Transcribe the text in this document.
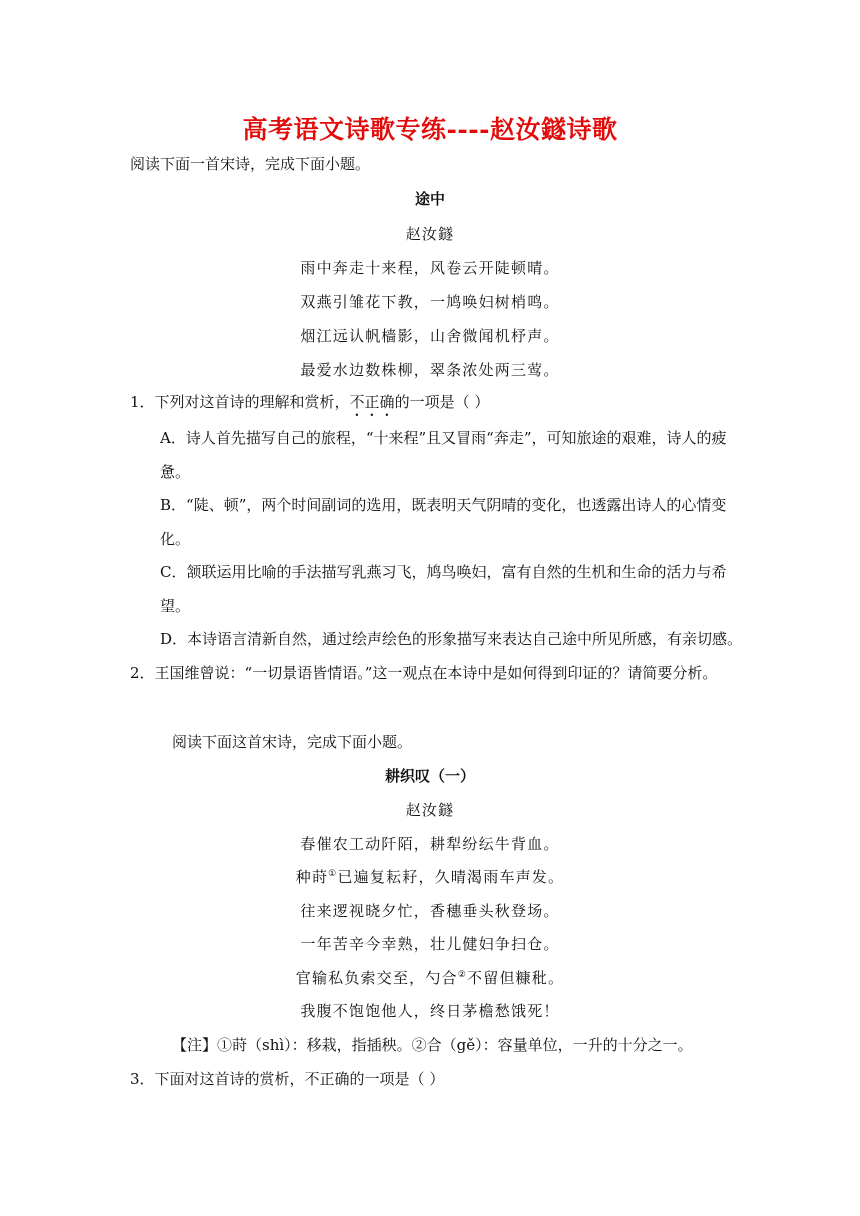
高考语文诗歌专练----赵汝鐩诗歌
阅读下面一首宋诗，完成下面小题。
途中
赵汝鐩
雨中奔走十来程，风卷云开陡顿晴。
双燕引雏花下教，一鸠唤妇树梢鸣。
烟江远认帆樯影，山舍微闻机杼声。
最爱水边数株柳，翠条浓处两三莺。
1．下列对这首诗的理解和赏析，不正确的一项是（ ）
A．诗人首先描写自己的旅程，“十来程”且又冒雨“奔走”，可知旅途的艰难，诗人的疲
惫。
B．“陡、顿”，两个时间副词的选用，既表明天气阴晴的变化，也透露出诗人的心情变
化。
C．颔联运用比喻的手法描写乳燕习飞，鸠鸟唤妇，富有自然的生机和生命的活力与希
望。
D．本诗语言清新自然，通过绘声绘色的形象描写来表达自己途中所见所感，有亲切感。
2．王国维曾说：“一切景语皆情语。”这一观点在本诗中是如何得到印证的？请简要分析。
阅读下面这首宋诗，完成下面小题。
耕织叹（一）
赵汝鐩
春催农工动阡陌，耕犁纷纭牛背血。
种莳①已遍复耘耔，久晴渴雨车声发。
往来逻视晓夕忙，香穗垂头秋登场。
一年苦辛今幸熟，壮儿健妇争扫仓。
官输私负索交至，勺合②不留但糠秕。
我腹不饱饱他人，终日茅檐愁饿死！
【注】①莳（shì）：移栽，指插秧。②合（gě）：容量单位，一升的十分之一。
3．下面对这首诗的赏析，不正确的一项是（ ）
